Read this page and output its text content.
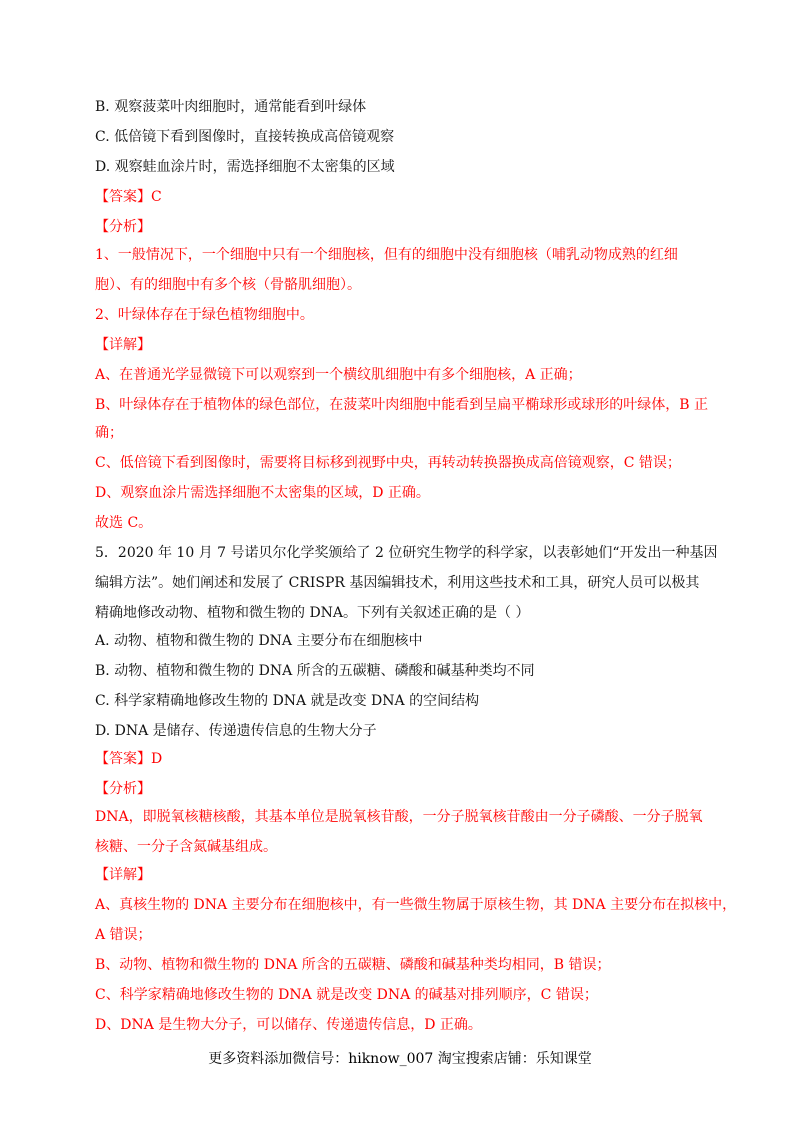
B. 观察菠菜叶肉细胞时，通常能看到叶绿体
C. 低倍镜下看到图像时，直接转换成高倍镜观察
D. 观察蛙血涂片时，需选择细胞不太密集的区域
【答案】C
【分析】
1、一般情况下，一个细胞中只有一个细胞核，但有的细胞中没有细胞核（哺乳动物成熟的红细
胞）、有的细胞中有多个核（骨骼肌细胞）。
2、叶绿体存在于绿色植物细胞中。
【详解】
A、在普通光学显微镜下可以观察到一个横纹肌细胞中有多个细胞核，A 正确；
B、叶绿体存在于植物体的绿色部位，在菠菜叶肉细胞中能看到呈扁平椭球形或球形的叶绿体，B 正
确；
C、低倍镜下看到图像时，需要将目标移到视野中央，再转动转换器换成高倍镜观察，C 错误；
D、观察血涂片需选择细胞不太密集的区域，D 正确。
故选 C。
5．2020 年 10 月 7 号诺贝尔化学奖颁给了 2 位研究生物学的科学家，以表彰她们“开发出一种基因
编辑方法”。她们阐述和发展了 CRISPR 基因编辑技术，利用这些技术和工具，研究人员可以极其
精确地修改动物、植物和微生物的 DNA。下列有关叙述正确的是（ ）
A. 动物、植物和微生物的 DNA 主要分布在细胞核中
B. 动物、植物和微生物的 DNA 所含的五碳糖、磷酸和碱基种类均不同
C. 科学家精确地修改生物的 DNA 就是改变 DNA 的空间结构
D. DNA 是储存、传递遗传信息的生物大分子
【答案】D
【分析】
DNA，即脱氧核糖核酸，其基本单位是脱氧核苷酸，一分子脱氧核苷酸由一分子磷酸、一分子脱氧
核糖、一分子含氮碱基组成。
【详解】
A、真核生物的 DNA 主要分布在细胞核中，有一些微生物属于原核生物，其 DNA 主要分布在拟核中，
A 错误；
B、动物、植物和微生物的 DNA 所含的五碳糖、磷酸和碱基种类均相同，B 错误；
C、科学家精确地修改生物的 DNA 就是改变 DNA 的碱基对排列顺序，C 错误；
D、DNA 是生物大分子，可以储存、传递遗传信息，D 正确。
更多资料添加微信号：hiknow_007 淘宝搜索店铺：乐知课堂
